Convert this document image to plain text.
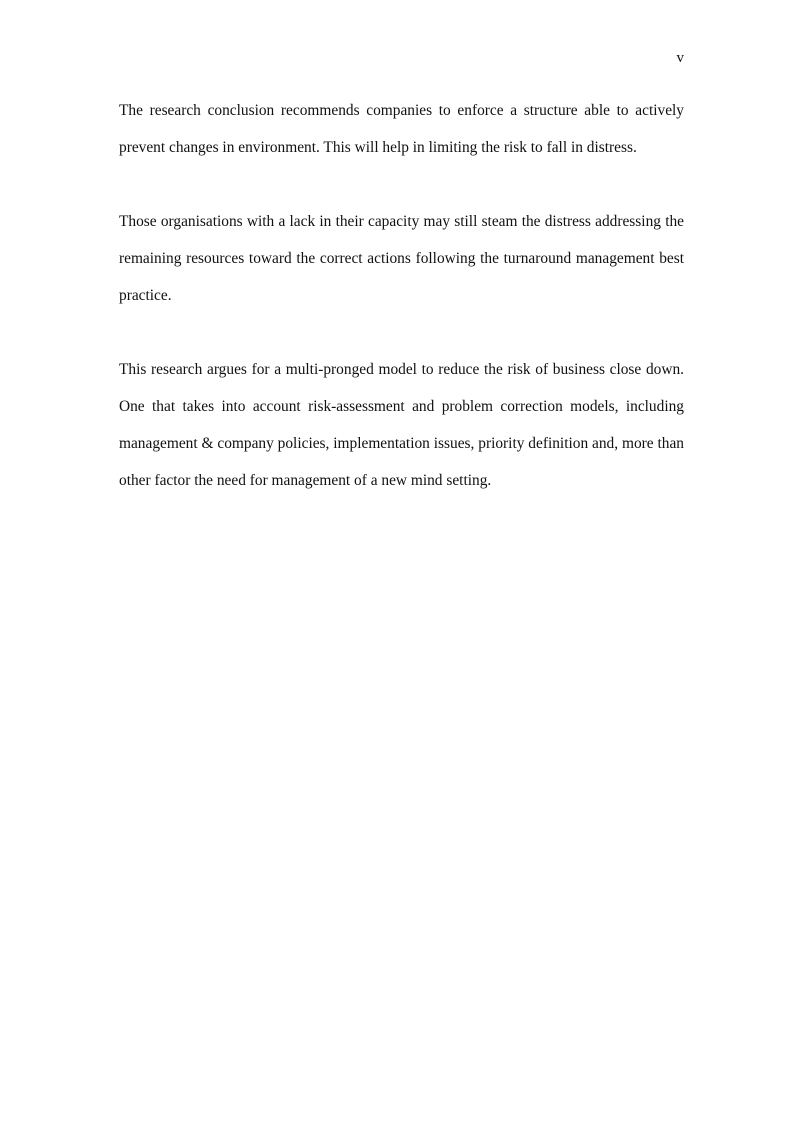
v

The research conclusion recommends companies to enforce a structure able to actively prevent changes in environment. This will help in limiting the risk to fall in distress.

Those organisations with a lack in their capacity may still steam the distress addressing the remaining resources toward the correct actions following the turnaround management best practice.

This research argues for a multi-pronged model to reduce the risk of business close down. One that takes into account risk-assessment and problem correction models, including management & company policies, implementation issues, priority definition and, more than other factor the need for management of a new mind setting.
